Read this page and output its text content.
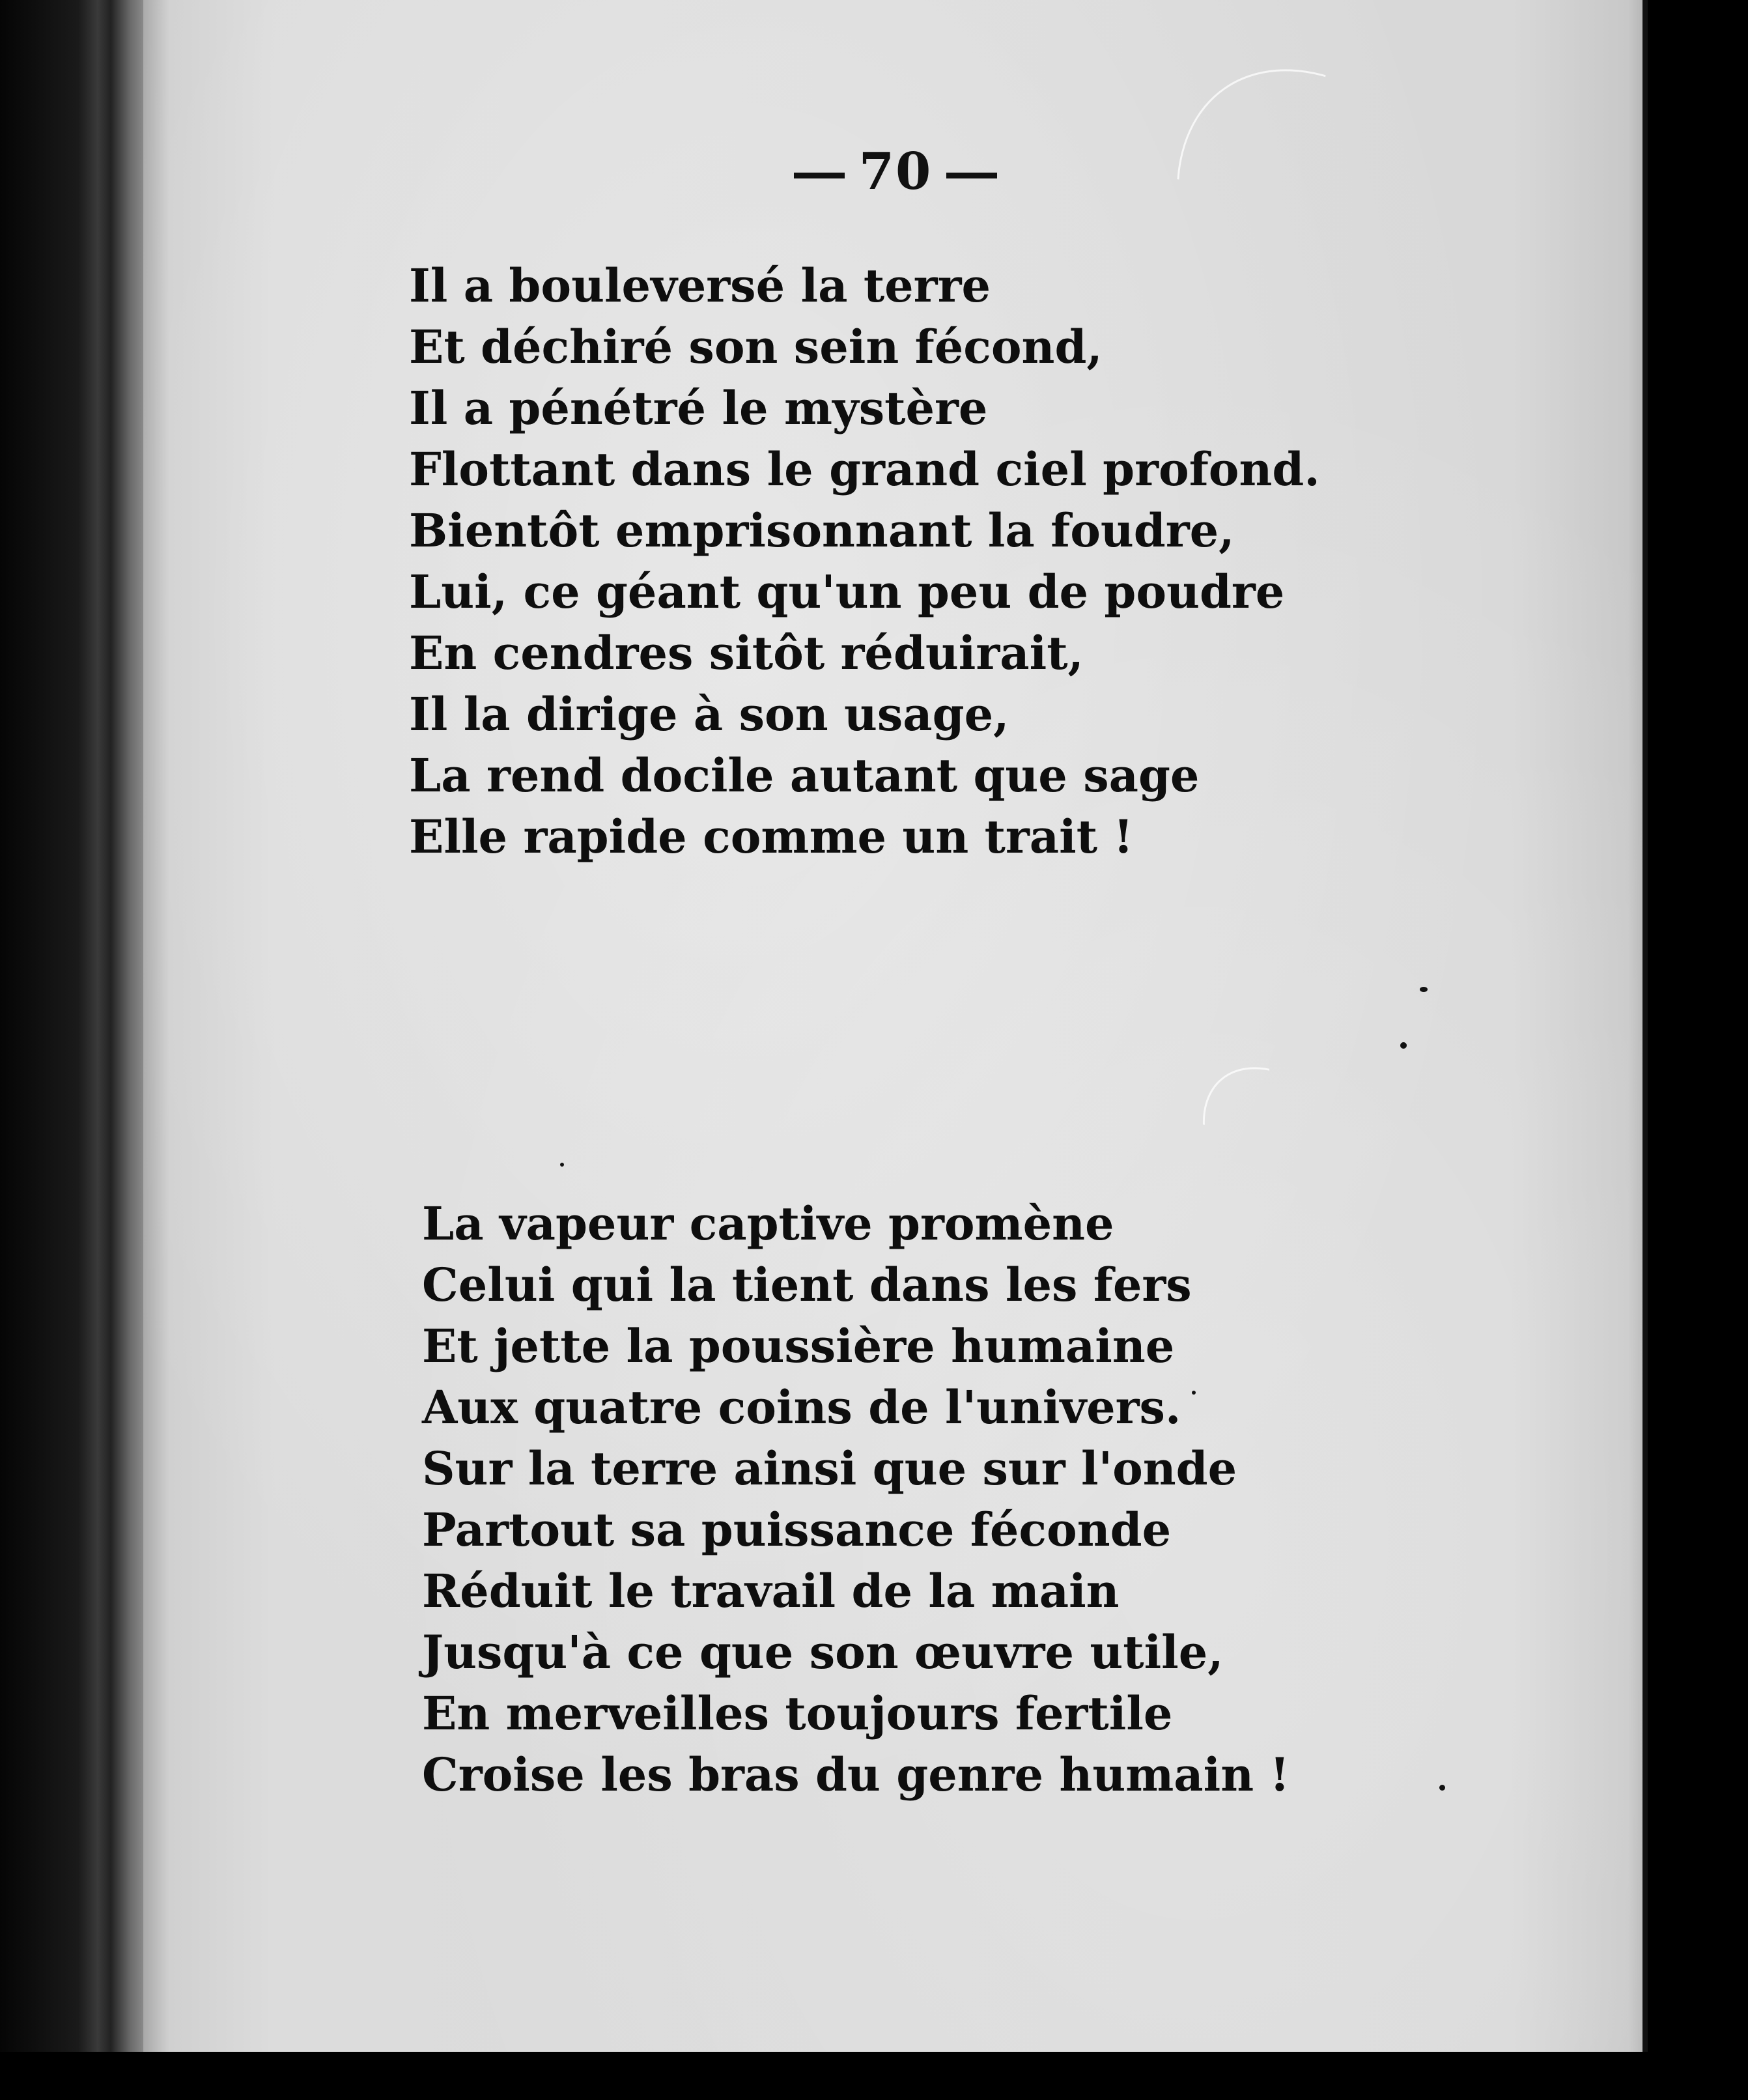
70
Il a bouleversé la terre
Et déchiré son sein fécond,
Il a pénétré le mystère
Flottant dans le grand ciel profond.
Bientôt emprisonnant la foudre,
Lui, ce géant qu'un peu de poudre
En cendres sitôt réduirait,
Il la dirige à son usage,
La rend docile autant que sage
Elle rapide comme un trait !
La vapeur captive promène
Celui qui la tient dans les fers
Et jette la poussière humaine
Aux quatre coins de l'univers.
Sur la terre ainsi que sur l'onde
Partout sa puissance féconde
Réduit le travail de la main
Jusqu'à ce que son œuvre utile,
En merveilles toujours fertile
Croise les bras du genre humain !
